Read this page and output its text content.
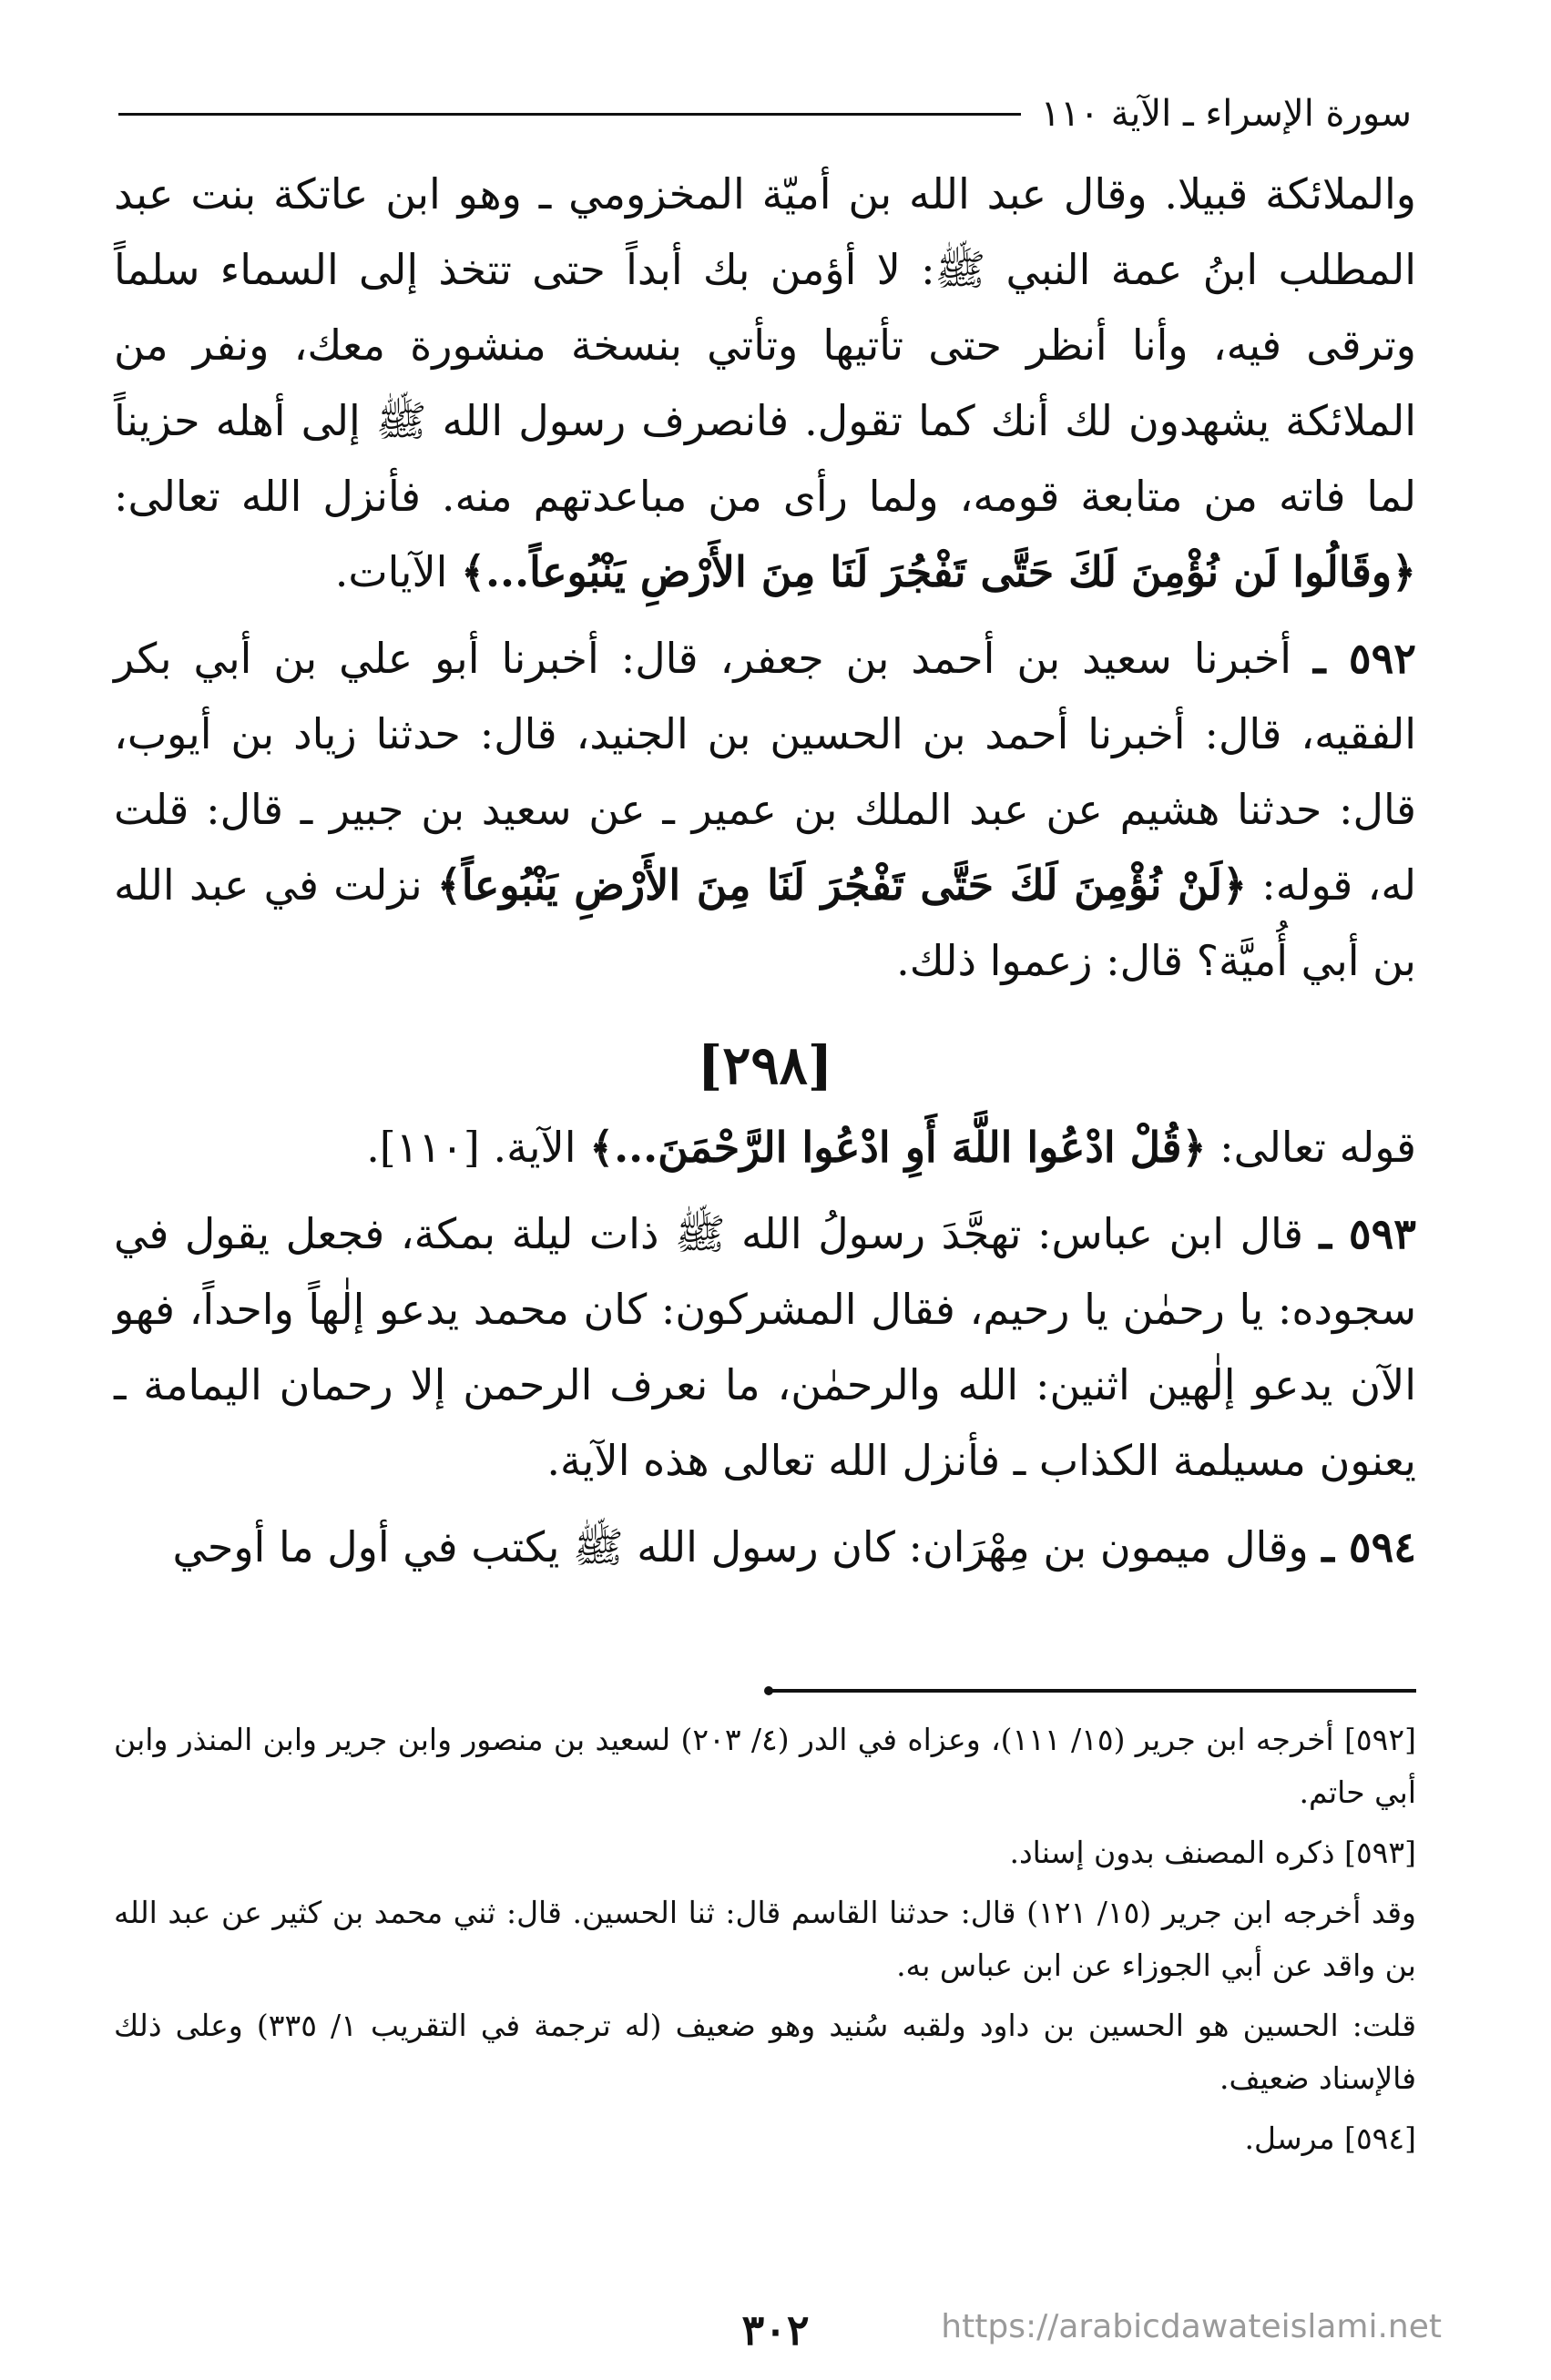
سورة الإسراء ـ الآية ١١٠

والملائكة قبيلا. وقال عبد الله بن أميّة المخزومي ـ وهو ابن عاتكة بنت عبد المطلب ابنُ عمة النبي ﷺ: لا أؤمن بك أبداً حتى تتخذ إلى السماء سلماً وترقى فيه، وأنا أنظر حتى تأتيها وتأتي بنسخة منشورة معك، ونفر من الملائكة يشهدون لك أنك كما تقول. فانصرف رسول الله ﷺ إلى أهله حزيناً لما فاته من متابعة قومه، ولما رأى من مباعدتهم منه. فأنزل الله تعالى: ﴿وقَالُوا لَن نُؤْمِنَ لَكَ حَتَّى تَفْجُرَ لَنَا مِنَ الأَرْضِ يَنْبُوعاً...﴾ الآيات.

٥٩٢ ـ أخبرنا سعيد بن أحمد بن جعفر، قال: أخبرنا أبو علي بن أبي بكر الفقيه، قال: أخبرنا أحمد بن الحسين بن الجنيد، قال: حدثنا زياد بن أيوب، قال: حدثنا هشيم عن عبد الملك بن عمير ـ عن سعيد بن جبير ـ قال: قلت له، قوله: ﴿لَنْ نُؤْمِنَ لَكَ حَتَّى تَفْجُرَ لَنَا مِنَ الأَرْضِ يَنْبُوعاً﴾ نزلت في عبد الله بن أبي أُميَّة؟ قال: زعموا ذلك.

[٢٩٨]

قوله تعالى: ﴿قُلْ ادْعُوا اللَّهَ أَوِ ادْعُوا الرَّحْمَنَ...﴾ الآية. [١١٠].

٥٩٣ ـ قال ابن عباس: تهجَّدَ رسولُ الله ﷺ ذات ليلة بمكة، فجعل يقول في سجوده: يا رحمٰن يا رحيم، فقال المشركون: كان محمد يدعو إلٰهاً واحداً، فهو الآن يدعو إلٰهين اثنين: الله والرحمٰن، ما نعرف الرحمن إلا رحمان اليمامة ـ يعنون مسيلمة الكذاب ـ فأنزل الله تعالى هذه الآية.

٥٩٤ ـ وقال ميمون بن مِهْرَان: كان رسول الله ﷺ يكتب في أول ما أوحي

[٥٩٢] أخرجه ابن جرير (١٥/ ١١١)، وعزاه في الدر (٤/ ٢٠٣) لسعيد بن منصور وابن جرير وابن المنذر وابن أبي حاتم.

[٥٩٣] ذكره المصنف بدون إسناد.

وقد أخرجه ابن جرير (١٥/ ١٢١) قال: حدثنا القاسم قال: ثنا الحسين. قال: ثني محمد بن كثير عن عبد الله بن واقد عن أبي الجوزاء عن ابن عباس به.

قلت: الحسين هو الحسين بن داود ولقبه سُنيد وهو ضعيف (له ترجمة في التقريب ١/ ٣٣٥) وعلى ذلك فالإسناد ضعيف.

[٥٩٤] مرسل.

٣٠٢	https://arabicdawateislami.net
